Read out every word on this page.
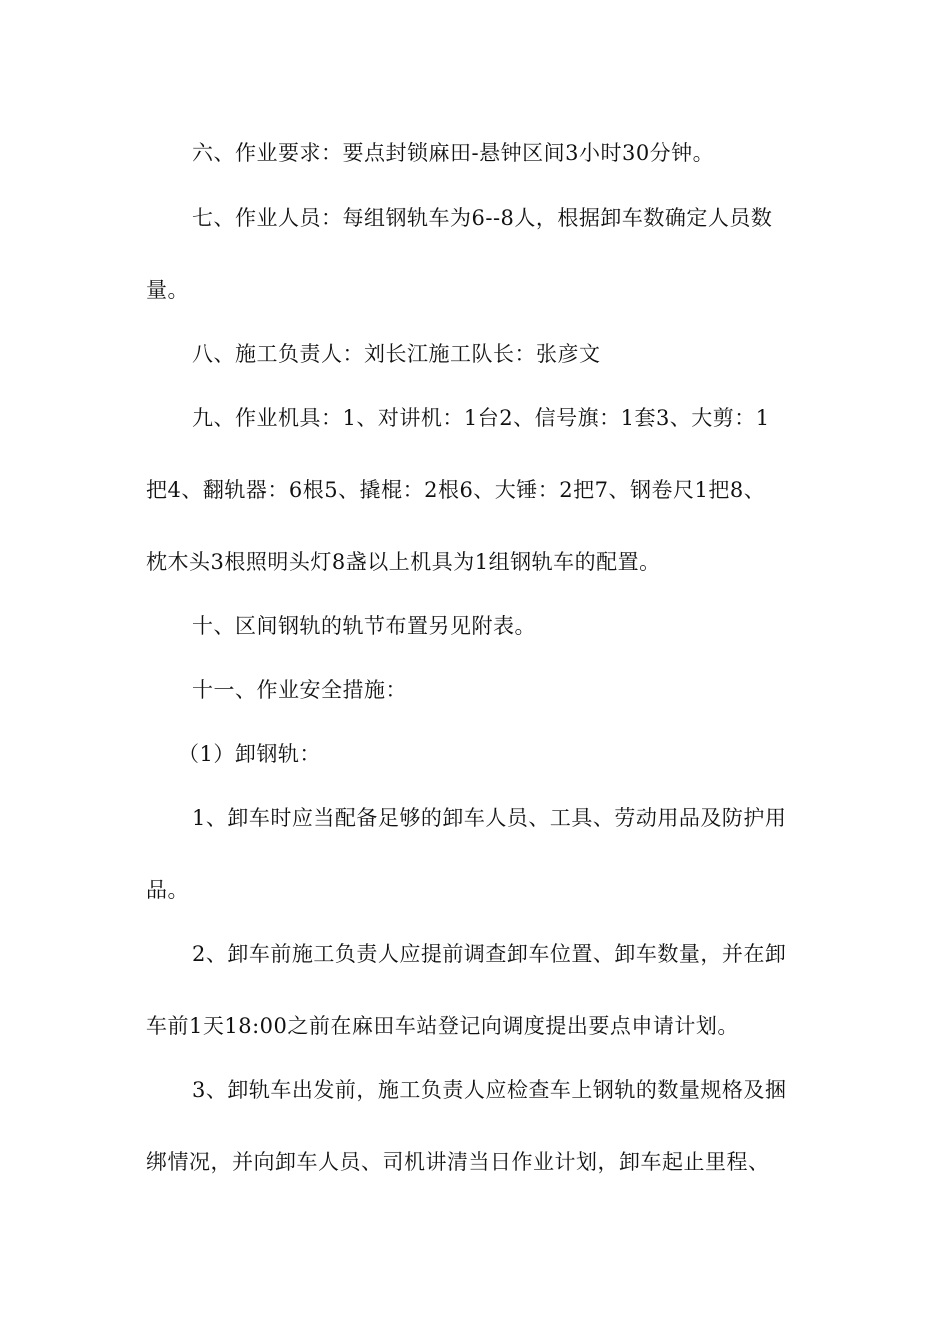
六、作业要求：要点封锁麻田-悬钟区间3小时30分钟。
七、作业人员：每组钢轨车为6--8人，根据卸车数确定人员数
量。
八、施工负责人：刘长江施工队长：张彦文
九、作业机具：1、对讲机：1台2、信号旗：1套3、大剪：1
把4、翻轨器：6根5、撬棍：2根6、大锤：2把7、钢卷尺1把8、
枕木头3根照明头灯8盏以上机具为1组钢轨车的配置。
十、区间钢轨的轨节布置另见附表。
十一、作业安全措施：
（1）卸钢轨：
1、卸车时应当配备足够的卸车人员、工具、劳动用品及防护用
品。
2、卸车前施工负责人应提前调查卸车位置、卸车数量，并在卸
车前1天18:00之前在麻田车站登记向调度提出要点申请计划。
3、卸轨车出发前，施工负责人应检查车上钢轨的数量规格及捆
绑情况，并向卸车人员、司机讲清当日作业计划，卸车起止里程、
